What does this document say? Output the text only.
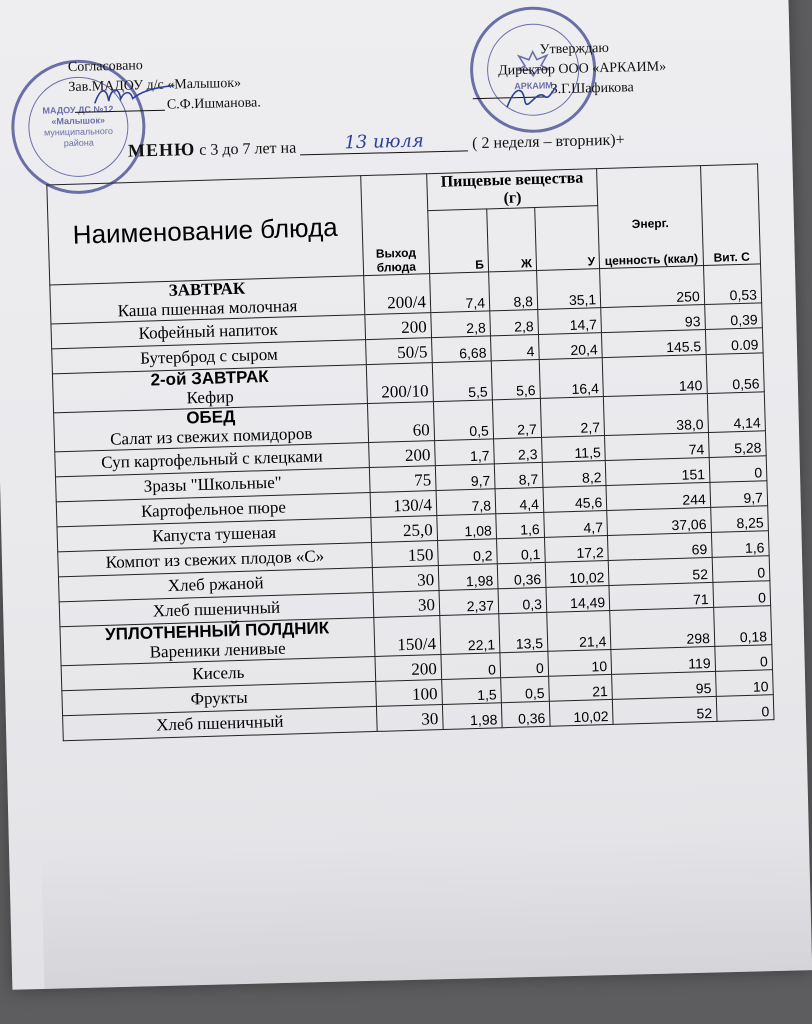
МАДОУ ДС №12
«Малышок»
муниципального района
АРКАИМ
Согласовано
Зав.МАДОУ д/с «Малышок»
С.Ф.Ишманова.
Утверждаю
Директор ООО «АРКАИМ»
З.Г.Шафикова
МЕНЮ с 3 до 7 лет на	13 июля	( 2 неделя – вторник)+
Наименование блюда	Выход блюда	Пищевые вещества (г)			Энерг.
ценность (ккал)	Вит. С
		Б	Ж	У		

ЗАВТРАК
Каша пшенная молочная	200/4	7,4	8,8	35,1	250	0,53
Кофейный напиток	200	2,8	2,8	14,7	93	0,39
Бутерброд с сыром	50/5	6,68	4	20,4	145.5	0.09

2-ой ЗАВТРАК
Кефир	200/10	5,5	5,6	16,4	140	0,56

ОБЕД
Салат из свежих помидоров	60	0,5	2,7	2,7	38,0	4,14
Суп картофельный с клецками	200	1,7	2,3	11,5	74	5,28
Зразы "Школьные"	75	9,7	8,7	8,2	151	0
Картофельное пюре	130/4	7,8	4,4	45,6	244	9,7
Капуста тушеная	25,0	1,08	1,6	4,7	37,06	8,25
Компот из свежих плодов «С»	150	0,2	0,1	17,2	69	1,6
Хлеб ржаной	30	1,98	0,36	10,02	52	0
Хлеб пшеничный	30	2,37	0,3	14,49	71	0

УПЛОТНЕННЫЙ ПОЛДНИК
Вареники ленивые	150/4	22,1	13,5	21,4	298	0,18
Кисель	200	0	0	10	119	0
Фрукты	100	1,5	0,5	21	95	10
Хлеб пшеничный	30	1,98	0,36	10,02	52	0
